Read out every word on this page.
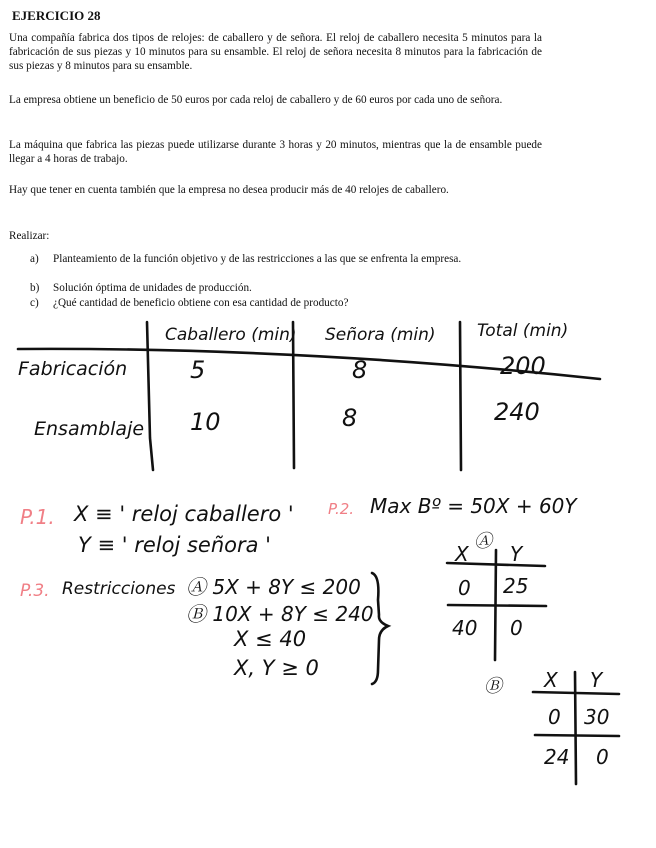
EJERCICIO 28
Una compañía fabrica dos tipos de relojes: de caballero y de señora. El reloj de caballero necesita 5 minutos para la fabricación de sus piezas y 10 minutos para su ensamble. El reloj de señora necesita 8 minutos para la fabricación de sus piezas y 8 minutos para su ensamble.
La empresa obtiene un beneficio de 50 euros por cada reloj de caballero y de 60 euros por cada uno de señora.
La máquina que fabrica las piezas puede utilizarse durante 3 horas y 20 minutos, mientras que la de ensamble puede llegar a 4 horas de trabajo.
Hay que tener en cuenta también que la empresa no desea producir más de 40 relojes de caballero.
Realizar:
a) Planteamiento de la función objetivo y de las restricciones a las que se enfrenta la empresa.
b) Solución óptima de unidades de producción.
c) ¿Qué cantidad de beneficio obtiene con esa cantidad de producto?
Caballero (min) Señora (min) Total (min)
Fabricación	5	8	200
Ensamblaje 10	8	240
P.1. X ≡ ' reloj caballero '
Y ≡ ' reloj señora '
P.2. Max Bº = 50X + 60Y
P.3. Restricciones Ⓐ 5X + 8Y ≤ 200
Ⓑ 10X + 8Y ≤ 240
X ≤ 40
X, Y ≥ 0
Ⓐ
X Y
0 25
40 0
Ⓑ X Y
0 30
24 0
